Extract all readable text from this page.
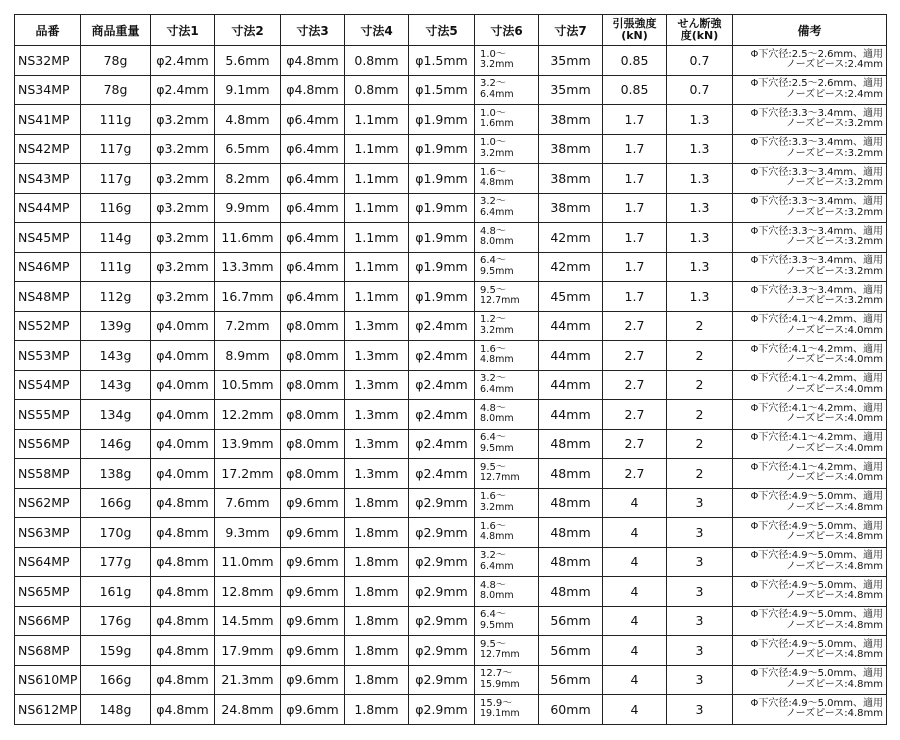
品番	商品重量	寸法1	寸法2	寸法3	寸法4	寸法5	寸法6	寸法7	引張強度
(kN)	せん断強
度(kN)	備考
NS32MP	78g	φ2.4mm	5.6mm	φ4.8mm	0.8mm	φ1.5mm	1.0～
3.2mm	35mm	0.85	0.7	Φ下穴径:2.5～2.6mm、適用
ノーズピース:2.4mm

NS34MP	78g	φ2.4mm	9.1mm	φ4.8mm	0.8mm	φ1.5mm	3.2～
6.4mm	35mm	0.85	0.7	Φ下穴径:2.5～2.6mm、適用
ノーズピース:2.4mm

NS41MP	111g	φ3.2mm	4.8mm	φ6.4mm	1.1mm	φ1.9mm	1.0～
1.6mm	38mm	1.7	1.3	Φ下穴径:3.3～3.4mm、適用
ノーズピース:3.2mm

NS42MP	117g	φ3.2mm	6.5mm	φ6.4mm	1.1mm	φ1.9mm	1.0～
3.2mm	38mm	1.7	1.3	Φ下穴径:3.3～3.4mm、適用
ノーズピース:3.2mm

NS43MP	117g	φ3.2mm	8.2mm	φ6.4mm	1.1mm	φ1.9mm	1.6～
4.8mm	38mm	1.7	1.3	Φ下穴径:3.3～3.4mm、適用
ノーズピース:3.2mm

NS44MP	116g	φ3.2mm	9.9mm	φ6.4mm	1.1mm	φ1.9mm	3.2～
6.4mm	38mm	1.7	1.3	Φ下穴径:3.3～3.4mm、適用
ノーズピース:3.2mm

NS45MP	114g	φ3.2mm	11.6mm	φ6.4mm	1.1mm	φ1.9mm	4.8～
8.0mm	42mm	1.7	1.3	Φ下穴径:3.3～3.4mm、適用
ノーズピース:3.2mm

NS46MP	111g	φ3.2mm	13.3mm	φ6.4mm	1.1mm	φ1.9mm	6.4～
9.5mm	42mm	1.7	1.3	Φ下穴径:3.3～3.4mm、適用
ノーズピース:3.2mm

NS48MP	112g	φ3.2mm	16.7mm	φ6.4mm	1.1mm	φ1.9mm	9.5～
12.7mm	45mm	1.7	1.3	Φ下穴径:3.3～3.4mm、適用
ノーズピース:3.2mm

NS52MP	139g	φ4.0mm	7.2mm	φ8.0mm	1.3mm	φ2.4mm	1.2～
3.2mm	44mm	2.7	2	Φ下穴径:4.1～4.2mm、適用
ノーズピース:4.0mm

NS53MP	143g	φ4.0mm	8.9mm	φ8.0mm	1.3mm	φ2.4mm	1.6～
4.8mm	44mm	2.7	2	Φ下穴径:4.1～4.2mm、適用
ノーズピース:4.0mm

NS54MP	143g	φ4.0mm	10.5mm	φ8.0mm	1.3mm	φ2.4mm	3.2～
6.4mm	44mm	2.7	2	Φ下穴径:4.1～4.2mm、適用
ノーズピース:4.0mm

NS55MP	134g	φ4.0mm	12.2mm	φ8.0mm	1.3mm	φ2.4mm	4.8～
8.0mm	44mm	2.7	2	Φ下穴径:4.1～4.2mm、適用
ノーズピース:4.0mm

NS56MP	146g	φ4.0mm	13.9mm	φ8.0mm	1.3mm	φ2.4mm	6.4～
9.5mm	48mm	2.7	2	Φ下穴径:4.1～4.2mm、適用
ノーズピース:4.0mm

NS58MP	138g	φ4.0mm	17.2mm	φ8.0mm	1.3mm	φ2.4mm	9.5～
12.7mm	48mm	2.7	2	Φ下穴径:4.1～4.2mm、適用
ノーズピース:4.0mm

NS62MP	166g	φ4.8mm	7.6mm	φ9.6mm	1.8mm	φ2.9mm	1.6～
3.2mm	48mm	4	3	Φ下穴径:4.9～5.0mm、適用
ノーズピース:4.8mm

NS63MP	170g	φ4.8mm	9.3mm	φ9.6mm	1.8mm	φ2.9mm	1.6～
4.8mm	48mm	4	3	Φ下穴径:4.9～5.0mm、適用
ノーズピース:4.8mm

NS64MP	177g	φ4.8mm	11.0mm	φ9.6mm	1.8mm	φ2.9mm	3.2～
6.4mm	48mm	4	3	Φ下穴径:4.9～5.0mm、適用
ノーズピース:4.8mm

NS65MP	161g	φ4.8mm	12.8mm	φ9.6mm	1.8mm	φ2.9mm	4.8～
8.0mm	48mm	4	3	Φ下穴径:4.9～5.0mm、適用
ノーズピース:4.8mm

NS66MP	176g	φ4.8mm	14.5mm	φ9.6mm	1.8mm	φ2.9mm	6.4～
9.5mm	56mm	4	3	Φ下穴径:4.9～5.0mm、適用
ノーズピース:4.8mm

NS68MP	159g	φ4.8mm	17.9mm	φ9.6mm	1.8mm	φ2.9mm	9.5～
12.7mm	56mm	4	3	Φ下穴径:4.9～5.0mm、適用
ノーズピース:4.8mm

NS610MP	166g	φ4.8mm	21.3mm	φ9.6mm	1.8mm	φ2.9mm	12.7～
15.9mm	56mm	4	3	Φ下穴径:4.9～5.0mm、適用
ノーズピース:4.8mm

NS612MP	148g	φ4.8mm	24.8mm	φ9.6mm	1.8mm	φ2.9mm	15.9～
19.1mm	60mm	4	3	Φ下穴径:4.9～5.0mm、適用
ノーズピース:4.8mm
